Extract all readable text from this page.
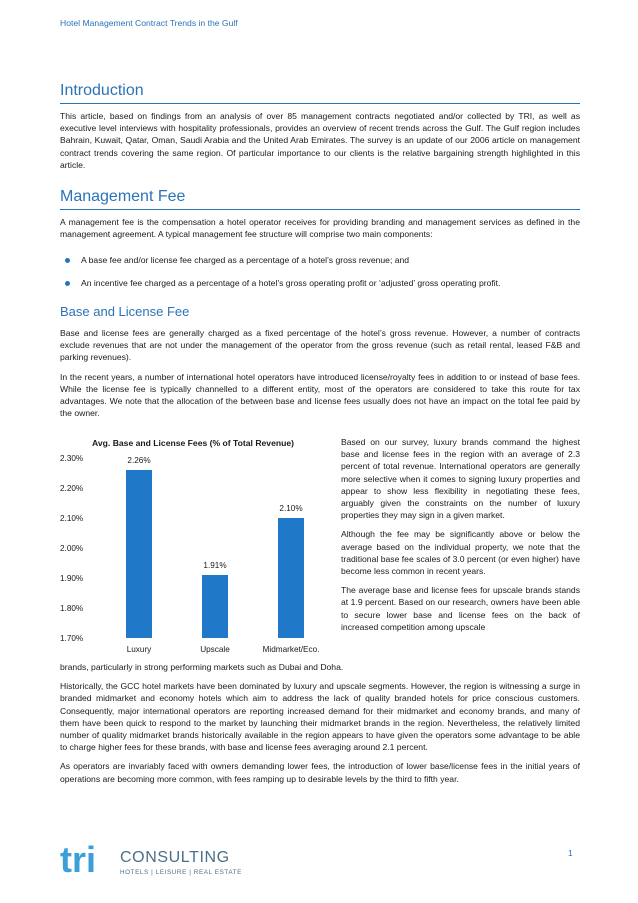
Hotel Management Contract Trends in the Gulf
Introduction

This article, based on findings from an analysis of over 85 management contracts negotiated and/or collected by TRI, as well as executive level interviews with hospitality professionals, provides an overview of recent trends across the Gulf. The Gulf region includes Bahrain, Kuwait, Qatar, Oman, Saudi Arabia and the United Arab Emirates. The survey is an update of our 2006 article on management contract trends covering the same region. Of particular importance to our clients is the relative bargaining strength highlighted in this article.

Management Fee

A management fee is the compensation a hotel operator receives for providing branding and management services as defined in the management agreement. A typical management fee structure will comprise two main components:

A base fee and/or license fee charged as a percentage of a hotel’s gross revenue; and
An incentive fee charged as a percentage of a hotel’s gross operating profit or ‘adjusted’ gross operating profit.
Base and License Fee

Base and license fees are generally charged as a fixed percentage of the hotel’s gross revenue. However, a number of contracts exclude revenues that are not under the management of the operator from the gross revenue (such as retail rental, leased F&B and parking revenues).

In the recent years, a number of international hotel operators have introduced license/royalty fees in addition to or instead of base fees. While the license fee is typically channelled to a different entity, most of the operators are considered to take this route for tax advantages. We note that the allocation of the between base and license fees usually does not have an impact on the total fee paid by the owner.

Avg. Base and License Fees (% of Total Revenue)
1.70%
1.80%
1.90%
2.00%
2.10%
2.20%
2.30%	2.26%
Luxury
1.91%
Upscale
2.10%
Midmarket/Eco.

Based on our survey, luxury brands command the highest base and license fees in the region with an average of 2.3 percent of total revenue. International operators are generally more selective when it comes to signing luxury properties and appear to show less flexibility in negotiating these fees, arguably given the constraints on the number of luxury properties they may sign in a given market.

Although the fee may be significantly above or below the average based on the individual property, we note that the traditional base fee scales of 3.0 percent (or even higher) have become less common in recent years.

The average base and license fees for upscale brands stands at 1.9 percent. Based on our research, owners have been able to secure lower base and license fees on the back of increased competition among upscale

brands, particularly in strong performing markets such as Dubai and Doha.

Historically, the GCC hotel markets have been dominated by luxury and upscale segments. However, the region is witnessing a surge in branded midmarket and economy hotels which aim to address the lack of quality branded hotels for price conscious customers. Consequently, major international operators are reporting increased demand for their midmarket and economy brands, and many of them have been quick to respond to the market by launching their midmarket brands in the region. Nevertheless, the relatively limited number of quality midmarket brands historically available in the region appears to have given the operators some advantage to be able to charge higher fees for these brands, with base and license fees averaging around 2.1 percent.

As operators are invariably faced with owners demanding lower fees, the introduction of lower base/license fees in the initial years of operations are becoming more common, with fees ramping up to desirable levels by the third to fifth year.

tri CONSULTING
HOTELS | LEISURE | REAL ESTATE
1
